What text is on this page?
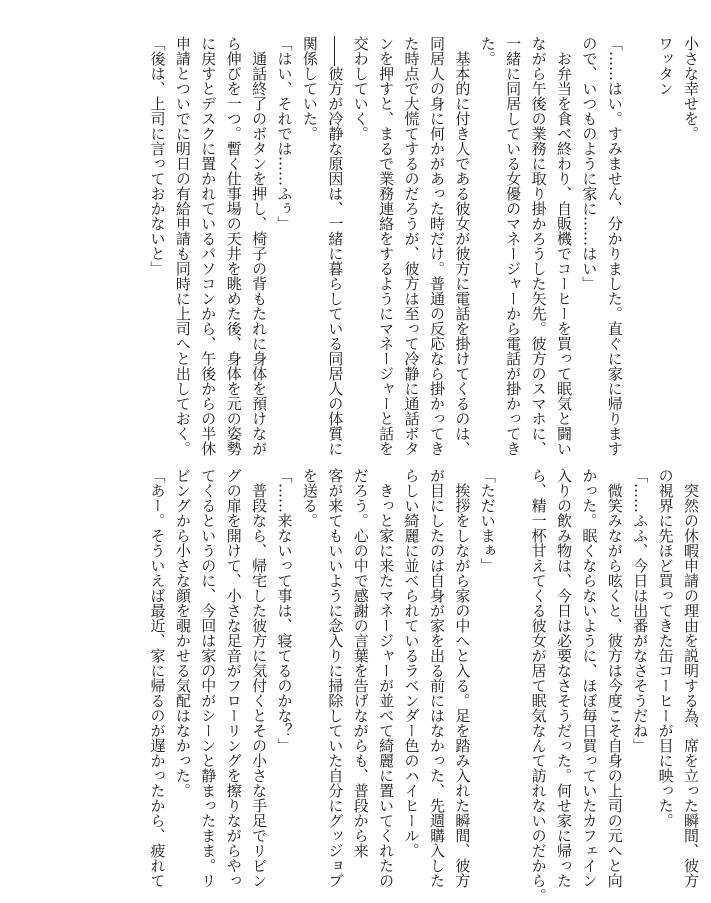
小さな幸せを。
ワッタン

「……はい。すみません、分かりました。直ぐに家に帰ります
ので、いつものように家に……はい」
　お弁当を食べ終わり、自販機でコーヒーを買って眠気と闘い
ながら午後の業務に取り掛かろうした矢先。彼方のスマホに、
一緒に同居している女優のマネージャーから電話が掛かってき
た。
　基本的に付き人である彼女が彼方に電話を掛けてくるのは、
同居人の身に何かがあった時だけ。普通の反応なら掛かってき
た時点で大慌てするのだろうが、彼方は至って冷静に通話ボタ
ンを押すと、まるで業務連絡をするようにマネージャーと話を
交わしていく。
――彼方が冷静な原因は、一緒に暮らしている同居人の体質に
関係していた。
「はい、それでは……ふぅ」
　通話終了のボタンを押し、椅子の背もたれに身体を預けなが
ら伸びを一つ。暫く仕事場の天井を眺めた後、身体を元の姿勢
に戻すとデスクに置かれているパソコンから、午後からの半休
申請とついでに明日の有給申請も同時に上司へと出しておく。
「後は、上司に言っておかないと」
　突然の休暇申請の理由を説明する為、席を立った瞬間、彼方
の視界に先ほど買ってきた缶コーヒーが目に映った。
「……ふふ、今日は出番がなさそうだね」
　微笑みながら呟くと、彼方は今度こそ自身の上司の元へと向
かった。眠くならないように、ほぼ毎日買っていたカフェイン
入りの飲み物は、今日は必要なさそうだった。何せ家に帰った
ら、精一杯甘えてくる彼女が居て眠気なんて訪れないのだから。

「ただいまぁ」
　挨拶をしながら家の中へと入る。足を踏み入れた瞬間、彼方
が目にしたのは自身が家を出る前にはなかった、先週購入した
らしい綺麗に並べられているラベンダー色のハイヒール。
　きっと家に来たマネージャーが並べて綺麗に置いてくれたの
だろう。心の中で感謝の言葉を告げながらも、普段から来
客が来てもいいように念入りに掃除していた自分にグッジョブ
を送る。
「……来ないって事は、寝てるのかな？」
　普段なら、帰宅した彼方に気付くとその小さな手足でリビン
グの扉を開けて、小さな足音がフローリングを擦りながらやっ
てくるというのに、今回は家の中がシーンと静まったまま。リ
ビングから小さな顔を覗かせる気配はなかった。
「あー。そういえば最近、家に帰るのが遅かったから、疲れて
